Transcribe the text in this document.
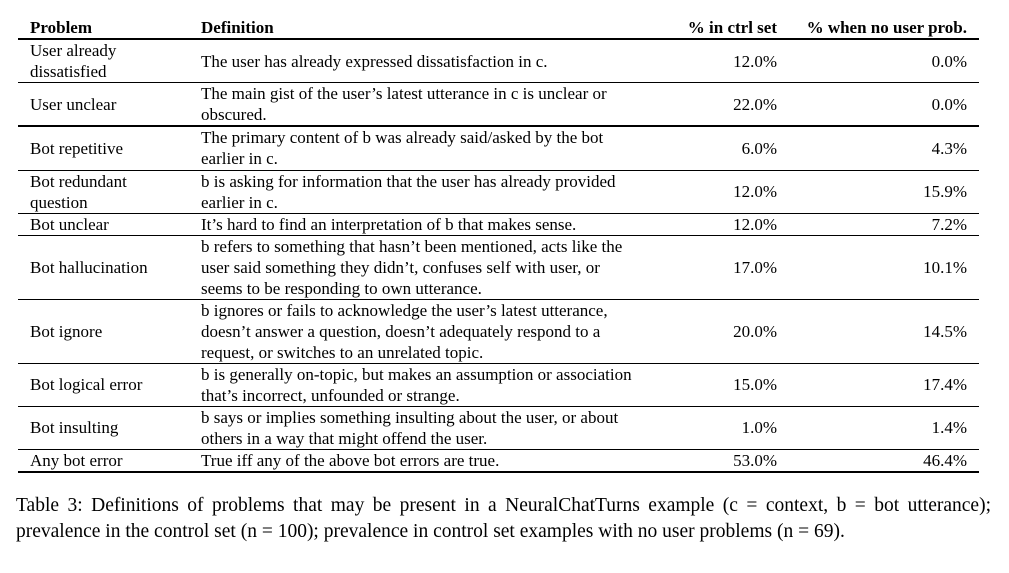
Problem	Definition	% in ctrl set	% when no user prob.
User already dissatisfied	The user has already expressed dissatisfaction in c.	12.0%	0.0%
User unclear	The main gist of the user’s latest utterance in c is unclear or obscured.	22.0%	0.0%
Bot repetitive	The primary content of b was already said/asked by the bot earlier in c.	6.0%	4.3%
Bot redundant question	b is asking for information that the user has already provided earlier in c.	12.0%	15.9%
Bot unclear	It’s hard to find an interpretation of b that makes sense.	12.0%	7.2%
Bot hallucination	b refers to something that hasn’t been mentioned, acts like the user said something they didn’t, confuses self with user, or seems to be responding to own utterance.	17.0%	10.1%
Bot ignore	b ignores or fails to acknowledge the user’s latest utterance, doesn’t answer a question, doesn’t adequately respond to a request, or switches to an unrelated topic.	20.0%	14.5%
Bot logical error	b is generally on-topic, but makes an assumption or association that’s incorrect, unfounded or strange.	15.0%	17.4%
Bot insulting	b says or implies something insulting about the user, or about others in a way that might offend the user.	1.0%	1.4%
Any bot error	True iff any of the above bot errors are true.	53.0%	46.4%
Table 3: Definitions of problems that may be present in a NeuralChatTurns example (c = context, b = bot utterance); prevalence in the control set (n = 100); prevalence in control set examples with no user problems (n = 69).
